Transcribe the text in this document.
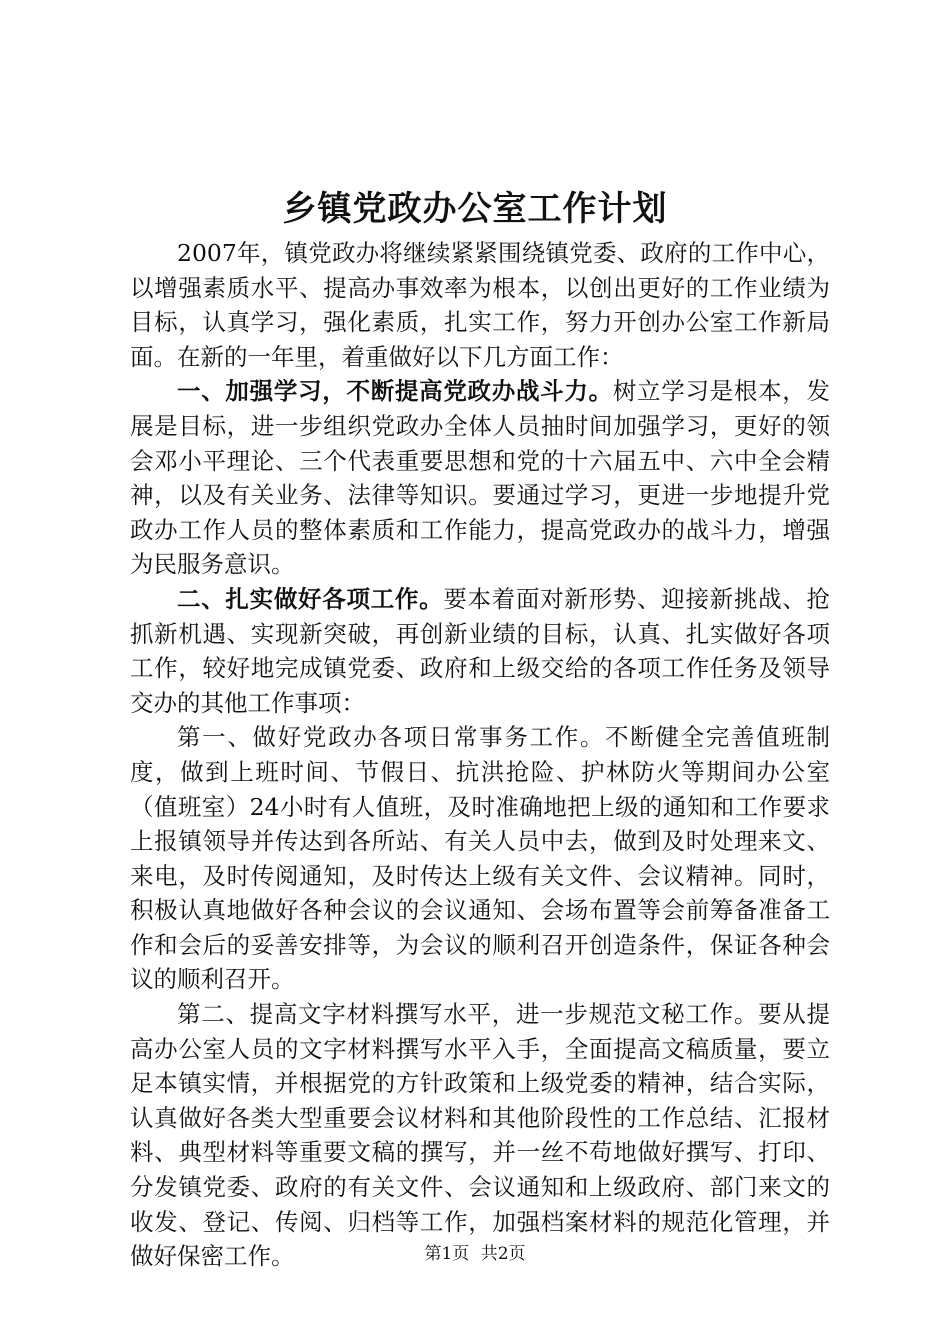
乡镇党政办公室工作计划

2007年，镇党政办将继续紧紧围绕镇党委、政府的工作中心，以增强素质水平、提高办事效率为根本，以创出更好的工作业绩为目标，认真学习，强化素质，扎实工作，努力开创办公室工作新局面。在新的一年里，着重做好以下几方面工作：

一、加强学习，不断提高党政办战斗力。树立学习是根本，发展是目标，进一步组织党政办全体人员抽时间加强学习，更好的领会邓小平理论、三个代表重要思想和党的十六届五中、六中全会精神，以及有关业务、法律等知识。要通过学习，更进一步地提升党政办工作人员的整体素质和工作能力，提高党政办的战斗力，增强为民服务意识。

二、扎实做好各项工作。要本着面对新形势、迎接新挑战、抢抓新机遇、实现新突破，再创新业绩的目标，认真、扎实做好各项工作，较好地完成镇党委、政府和上级交给的各项工作任务及领导交办的其他工作事项：

第一、做好党政办各项日常事务工作。不断健全完善值班制度，做到上班时间、节假日、抗洪抢险、护林防火等期间办公室（值班室）24小时有人值班，及时准确地把上级的通知和工作要求上报镇领导并传达到各所站、有关人员中去，做到及时处理来文、来电，及时传阅通知，及时传达上级有关文件、会议精神。同时，积极认真地做好各种会议的会议通知、会场布置等会前筹备准备工作和会后的妥善安排等，为会议的顺利召开创造条件，保证各种会议的顺利召开。

第二、提高文字材料撰写水平，进一步规范文秘工作。要从提高办公室人员的文字材料撰写水平入手，全面提高文稿质量，要立足本镇实情，并根据党的方针政策和上级党委的精神，结合实际，认真做好各类大型重要会议材料和其他阶段性的工作总结、汇报材料、典型材料等重要文稿的撰写，并一丝不苟地做好撰写、打印、分发镇党委、政府的有关文件、会议通知和上级政府、部门来文的收发、登记、传阅、归档等工作，加强档案材料的规范化管理，并做好保密工作。	第1页 共2页
